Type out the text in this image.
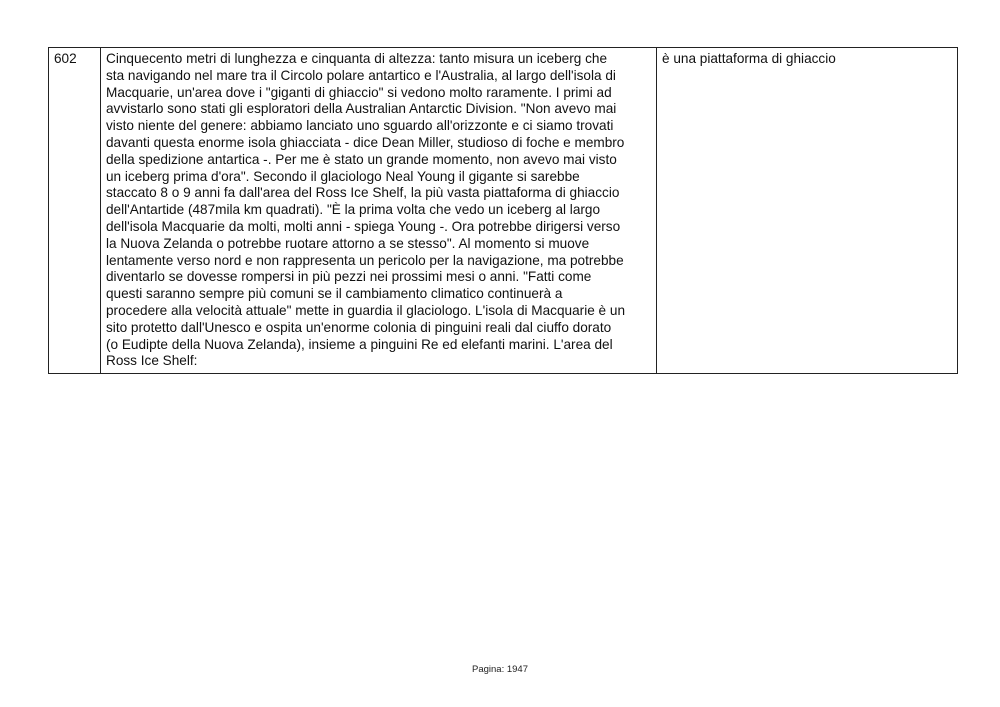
602	Cinquecento metri di lunghezza e cinquanta di altezza: tanto misura un iceberg che
sta navigando nel mare tra il Circolo polare antartico e l'Australia, al largo dell'isola di
Macquarie, un'area dove i "giganti di ghiaccio" si vedono molto raramente. I primi ad
avvistarlo sono stati gli esploratori della Australian Antarctic Division. "Non avevo mai
visto niente del genere: abbiamo lanciato uno sguardo all'orizzonte e ci siamo trovati
davanti questa enorme isola ghiacciata - dice Dean Miller, studioso di foche e membro
della spedizione antartica -. Per me è stato un grande momento, non avevo mai visto
un iceberg prima d'ora". Secondo il glaciologo Neal Young il gigante si sarebbe
staccato 8 o 9 anni fa dall'area del Ross Ice Shelf, la più vasta piattaforma di ghiaccio
dell'Antartide (487mila km quadrati). "È la prima volta che vedo un iceberg al largo
dell'isola Macquarie da molti, molti anni - spiega Young -. Ora potrebbe dirigersi verso
la Nuova Zelanda o potrebbe ruotare attorno a se stesso". Al momento si muove
lentamente verso nord e non rappresenta un pericolo per la navigazione, ma potrebbe
diventarlo se dovesse rompersi in più pezzi nei prossimi mesi o anni. "Fatti come
questi saranno sempre più comuni se il cambiamento climatico continuerà a
procedere alla velocità attuale" mette in guardia il glaciologo. L'isola di Macquarie è un
sito protetto dall'Unesco e ospita un'enorme colonia di pinguini reali dal ciuffo dorato
(o Eudipte della Nuova Zelanda), insieme a pinguini Re ed elefanti marini. L'area del
Ross Ice Shelf:
	è una piattaforma di ghiaccio
Pagina: 1947
